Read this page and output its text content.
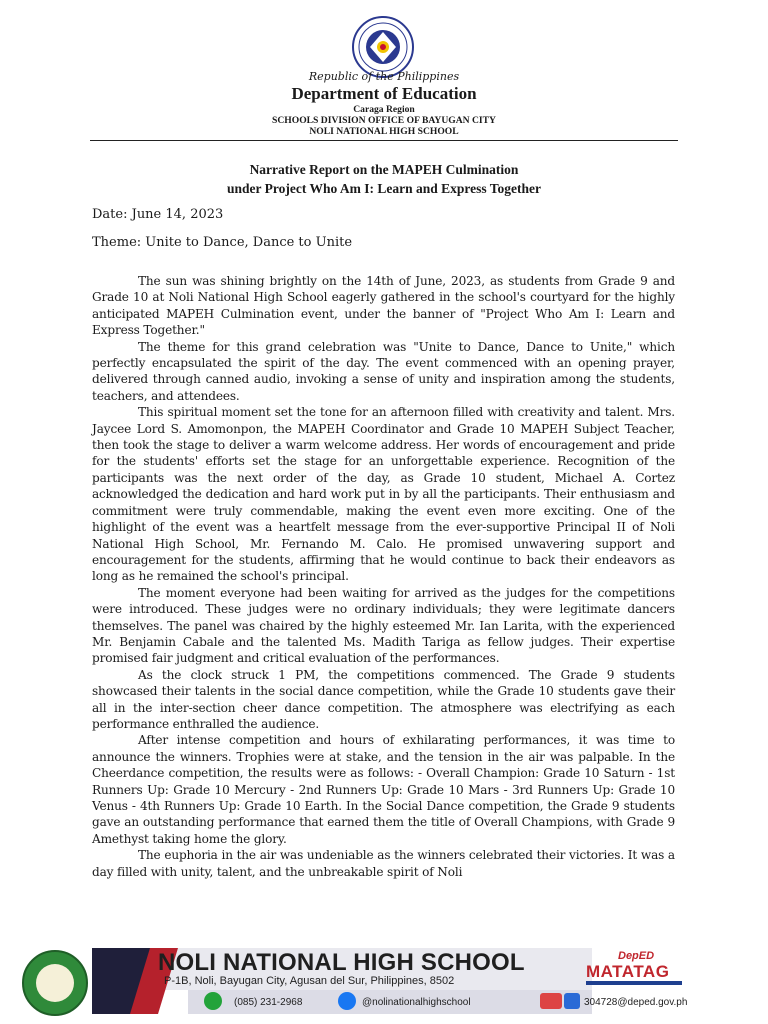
Republic of the Philippines
Department of Education
Caraga Region
SCHOOLS DIVISION OFFICE OF BAYUGAN CITY
NOLI NATIONAL HIGH SCHOOL
Narrative Report on the MAPEH Culmination
under Project Who Am I: Learn and Express Together
Date: June 14, 2023
Theme: Unite to Dance, Dance to Unite

The sun was shining brightly on the 14th of June, 2023, as students from Grade 9 and Grade 10 at Noli National High School eagerly gathered in the school's courtyard for the highly anticipated MAPEH Culmination event, under the banner of "Project Who Am I: Learn and Express Together."

The theme for this grand celebration was "Unite to Dance, Dance to Unite," which perfectly encapsulated the spirit of the day. The event commenced with an opening prayer, delivered through canned audio, invoking a sense of unity and inspiration among the students, teachers, and attendees.

This spiritual moment set the tone for an afternoon filled with creativity and talent. Mrs. Jaycee Lord S. Amomonpon, the MAPEH Coordinator and Grade 10 MAPEH Subject Teacher, then took the stage to deliver a warm welcome address. Her words of encouragement and pride for the students' efforts set the stage for an unforgettable experience. Recognition of the participants was the next order of the day, as Grade 10 student, Michael A. Cortez acknowledged the dedication and hard work put in by all the participants. Their enthusiasm and commitment were truly commendable, making the event even more exciting. One of the highlight of the event was a heartfelt message from the ever-supportive Principal II of Noli National High School, Mr. Fernando M. Calo. He promised unwavering support and encouragement for the students, affirming that he would continue to back their endeavors as long as he remained the school's principal.

The moment everyone had been waiting for arrived as the judges for the competitions were introduced. These judges were no ordinary individuals; they were legitimate dancers themselves. The panel was chaired by the highly esteemed Mr. Ian Larita, with the experienced Mr. Benjamin Cabale and the talented Ms. Madith Tariga as fellow judges. Their expertise promised fair judgment and critical evaluation of the performances.

As the clock struck 1 PM, the competitions commenced. The Grade 9 students showcased their talents in the social dance competition, while the Grade 10 students gave their all in the inter-section cheer dance competition. The atmosphere was electrifying as each performance enthralled the audience.

After intense competition and hours of exhilarating performances, it was time to announce the winners. Trophies were at stake, and the tension in the air was palpable. In the Cheerdance competition, the results were as follows: - Overall Champion: Grade 10 Saturn - 1st Runners Up: Grade 10 Mercury - 2nd Runners Up: Grade 10 Mars - 3rd Runners Up: Grade 10 Venus - 4th Runners Up: Grade 10 Earth. In the Social Dance competition, the Grade 9 students gave an outstanding performance that earned them the title of Overall Champions, with Grade 9 Amethyst taking home the glory.

The euphoria in the air was undeniable as the winners celebrated their victories. It was a day filled with unity, talent, and the unbreakable spirit of Noli

NOLI NATIONAL HIGH SCHOOL
P-1B, Noli, Bayugan City, Agusan del Sur, Philippines, 8502
(085) 231-2968	@nolinationalhighschool	304728@deped.gov.ph
DepED
MATATAG
